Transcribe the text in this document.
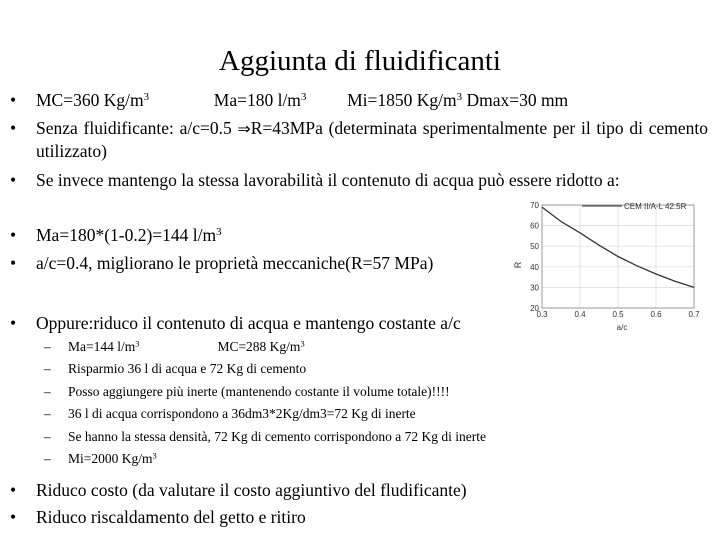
Aggiunta di fluidificanti
•	MC=360 $Kg/m^3$	Ma=180 $l/m^3$ Mi=1850 $Kg/m^3$ Dmax=30 mm
•	Senza fluidificante: a/c=0.5 ⇒R=43MPa (determinata sperimentalmente per il tipo di cemento utilizzato)
•	Se invece mantengo la stessa lavorabilità il contenuto di acqua può essere ridotto a:
•	Ma=180*(1-0.2)=144 $l/m^3$
•	a/c=0.4, migliorano le proprietà meccaniche(R=57 MPa)
•	Oppure:riduco il contenuto di acqua e mantengo costante a/c
– Ma=144 $l/m^3$	MC=288 $Kg/m^3$
– Risparmio 36 l di acqua e 72 Kg di cemento
– Posso aggiungere più inerte (mantenendo costante il volume totale)!!!!
– 36 l di acqua corrispondono a 36dm3*2Kg/dm3=72 Kg di inerte
– Se hanno la stessa densità, 72 Kg di cemento corrispondono a 72 Kg di inerte
– Mi=2000 $Kg/m^3$
•	Riduco costo (da valutare il costo aggiuntivo del fludificante)
•	Riduco riscaldamento del getto e ritiro
0.3	0.4	0.5	0.6	0.7
20
30
40
50
60
70	CEM II/A-L 42.5R
a/c
R
